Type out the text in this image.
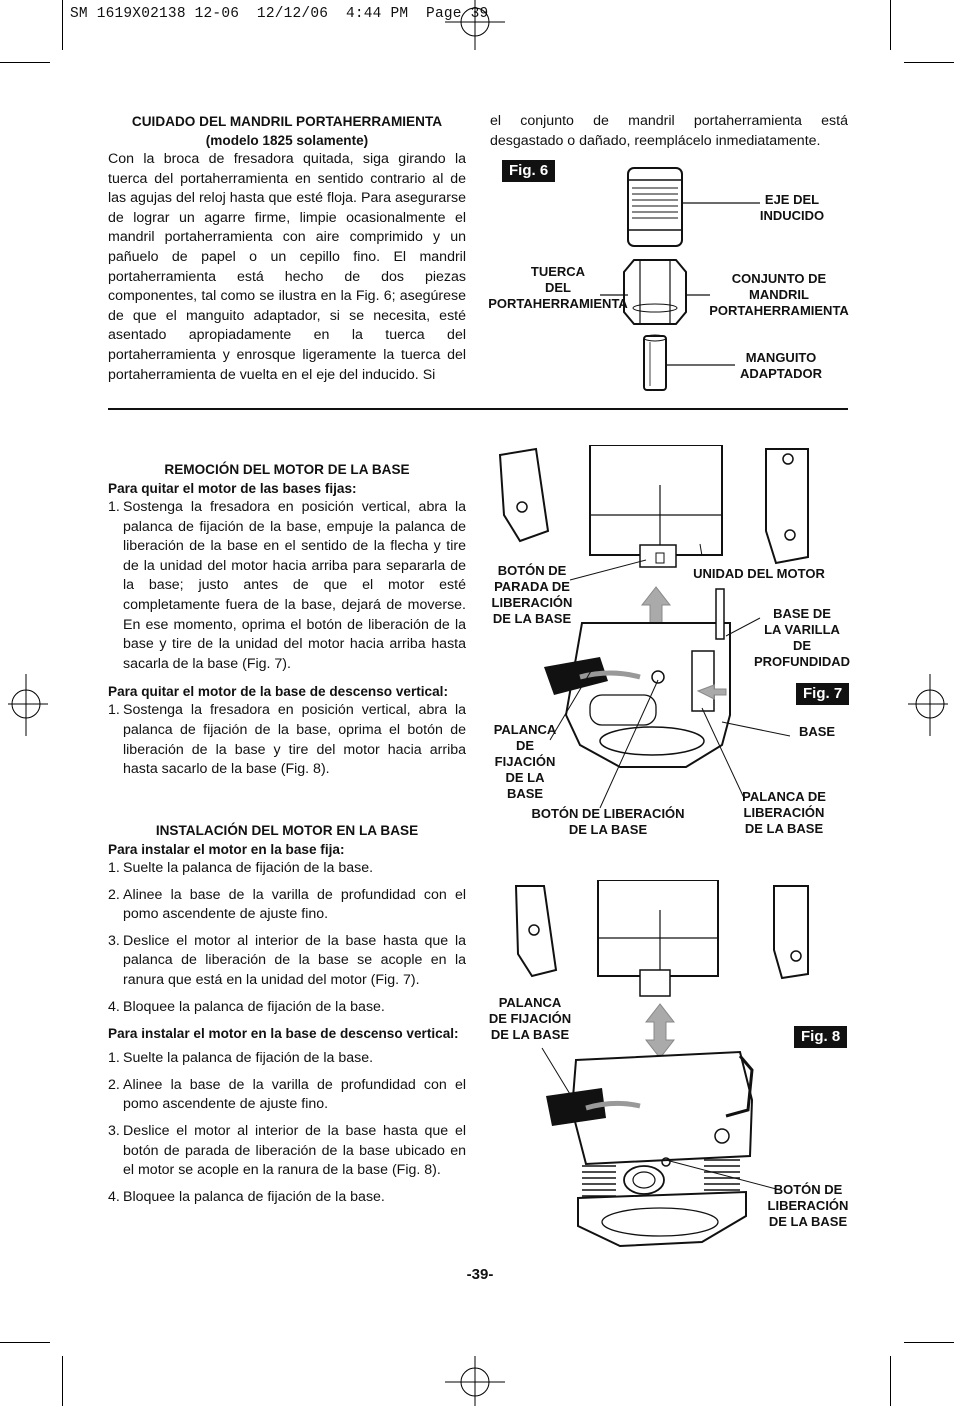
SM 1619X02138 12-06  12/12/06  4:44 PM  Page 39
CUIDADO DEL MANDRIL PORTAHERRAMIENTA
(modelo 1825 solamente)

Con la broca de fresadora quitada, siga girando la tuerca del portaherramienta en sentido contrario al de las agujas del reloj hasta que esté floja. Para asegurarse de lograr un agarre firme, limpie ocasionalmente el mandril portaherramienta con aire comprimido y un pañuelo de papel o un cepillo fino. El mandril portaherramienta está hecho de dos piezas componentes, tal como se ilustra en la Fig. 6; asegúrese de que el manguito adaptador, si se necesita, esté asentado apropiadamente en la tuerca del portaherramienta y enrosque ligeramente la tuerca del portaherramienta de vuelta en el eje del inducido. Si

el conjunto de mandril portaherramienta está desgastado o dañado, reemplácelo inmediatamente.
Fig. 6
EJE DEL
INDUCIDO
TUERCA
DEL
PORTAHERRAMIENTA
CONJUNTO DE
MANDRIL
PORTAHERRAMIENTA
MANGUITO
ADAPTADOR
REMOCIÓN DEL MOTOR DE LA BASE
Para quitar el motor de las bases fijas:
1. Sostenga la fresadora en posición vertical, abra la palanca de fijación de la base, empuje la palanca de liberación de la base en el sentido de la flecha y tire de la unidad del motor hacia arriba para separarla de la base; justo antes de que el motor esté completamente fuera de la base, dejará de moverse. En ese momento, oprima el botón de liberación de la base y tire de la unidad del motor hacia arriba hasta sacarla de la base (Fig. 7).
Para quitar el motor de la base de descenso vertical:
1. Sostenga la fresadora en posición vertical, abra la palanca de fijación de la base, oprima el botón de liberación de la base y tire del motor hacia arriba hasta sacarlo de la base (Fig. 8).
INSTALACIÓN DEL MOTOR EN LA BASE
Para instalar el motor en la base fija:
1. Suelte la palanca de fijación de la base.
2. Alinee la base de la varilla de profundidad con el pomo ascendente de ajuste fino.
3. Deslice el motor al interior de la base hasta que la palanca de liberación de la base se acople en la ranura que está en la unidad del motor (Fig. 7).
4. Bloquee la palanca de fijación de la base.
Para instalar el motor en la base de descenso vertical:
1. Suelte la palanca de fijación de la base.
2. Alinee la base de la varilla de profundidad con el pomo ascendente de ajuste fino.
3. Deslice el motor al interior de la base hasta que el botón de parada de liberación de la base ubicado en el motor se acople en la ranura de la base (Fig. 8).
4. Bloquee la palanca de fijación de la base.
BOTÓN DE
PARADA DE
LIBERACIÓN
DE LA BASE
UNIDAD DEL MOTOR
BASE DE
LA VARILLA
DE
PROFUNDIDAD
Fig. 7
PALANCA
DE
FIJACIÓN
DE LA BASE
BASE
PALANCA DE
LIBERACIÓN
DE LA BASE
BOTÓN DE LIBERACIÓN
DE LA BASE
PALANCA
DE FIJACIÓN
DE LA BASE	Fig. 8
BOTÓN DE
LIBERACIÓN
DE LA BASE
-39-
